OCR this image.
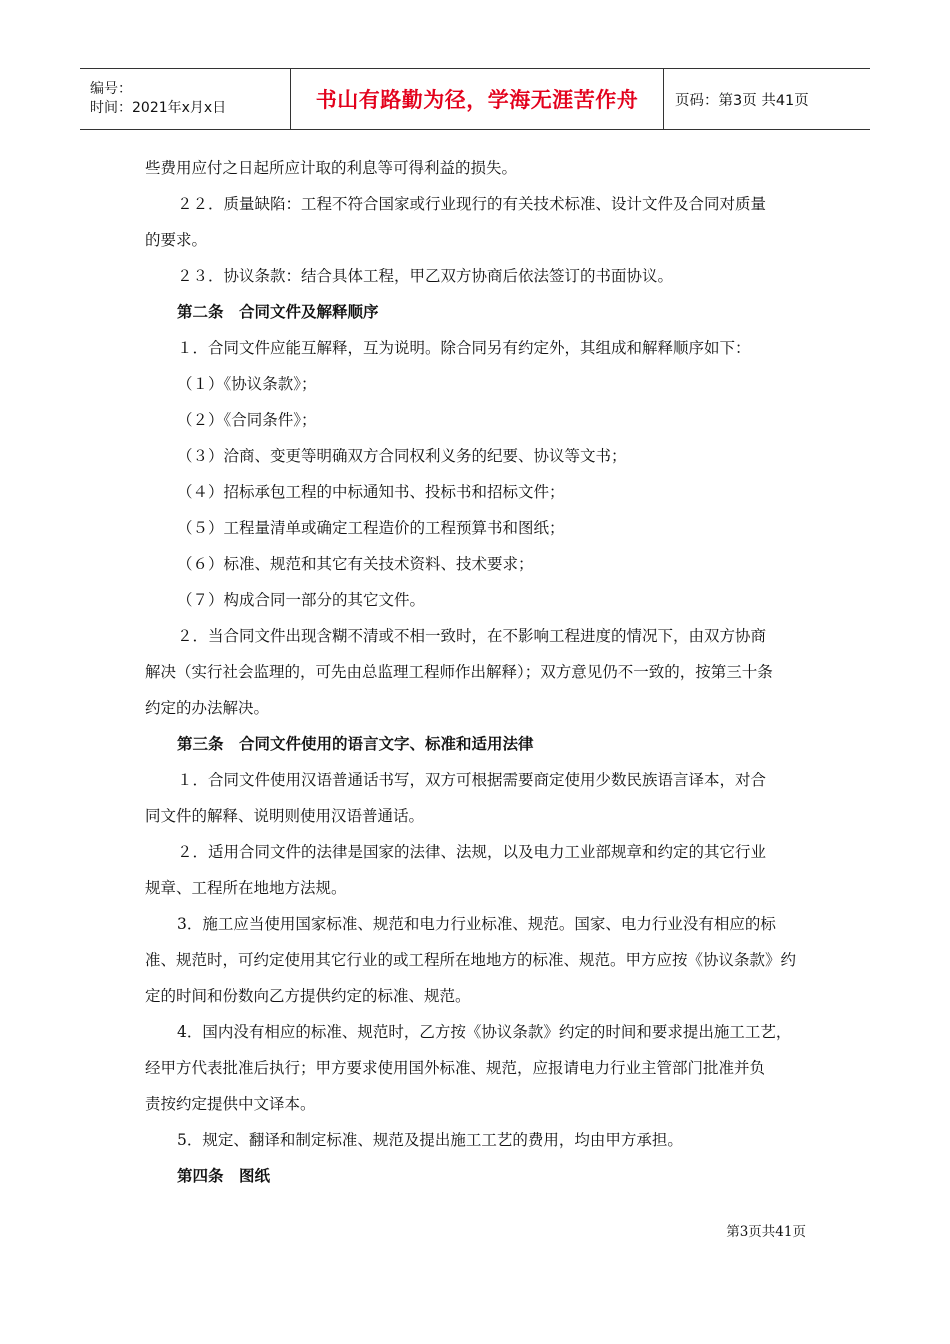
编号：
时间：2021年x月x日	书山有路勤为径，学海无涯苦作舟	页码：第3页 共41页

些费用应付之日起所应计取的利息等可得利益的损失。

２２．质量缺陷：工程不符合国家或行业现行的有关技术标准、设计文件及合同对质量

的要求。

２３．协议条款：结合具体工程，甲乙双方协商后依法签订的书面协议。

第二条　合同文件及解释顺序

１．合同文件应能互解释，互为说明。除合同另有约定外，其组成和解释顺序如下：

（１）《协议条款》；

（２）《合同条件》；

（３）洽商、变更等明确双方合同权利义务的纪要、协议等文书；

（４）招标承包工程的中标通知书、投标书和招标文件；

（５）工程量清单或确定工程造价的工程预算书和图纸；

（６）标准、规范和其它有关技术资料、技术要求；

（７）构成合同一部分的其它文件。

２．当合同文件出现含糊不清或不相一致时，在不影响工程进度的情况下，由双方协商

解决（实行社会监理的，可先由总监理工程师作出解释）；双方意见仍不一致的，按第三十条

约定的办法解决。

第三条　合同文件使用的语言文字、标准和适用法律

１．合同文件使用汉语普通话书写，双方可根据需要商定使用少数民族语言译本，对合

同文件的解释、说明则使用汉语普通话。

２．适用合同文件的法律是国家的法律、法规，以及电力工业部规章和约定的其它行业

规章、工程所在地地方法规。

3．施工应当使用国家标准、规范和电力行业标准、规范。国家、电力行业没有相应的标

准、规范时，可约定使用其它行业的或工程所在地地方的标准、规范。甲方应按《协议条款》约

定的时间和份数向乙方提供约定的标准、规范。

4．国内没有相应的标准、规范时，乙方按《协议条款》约定的时间和要求提出施工工艺，

经甲方代表批准后执行；甲方要求使用国外标准、规范，应报请电力行业主管部门批准并负

责按约定提供中文译本。

5．规定、翻译和制定标准、规范及提出施工工艺的费用，均由甲方承担。

第四条　图纸

第3页共41页
